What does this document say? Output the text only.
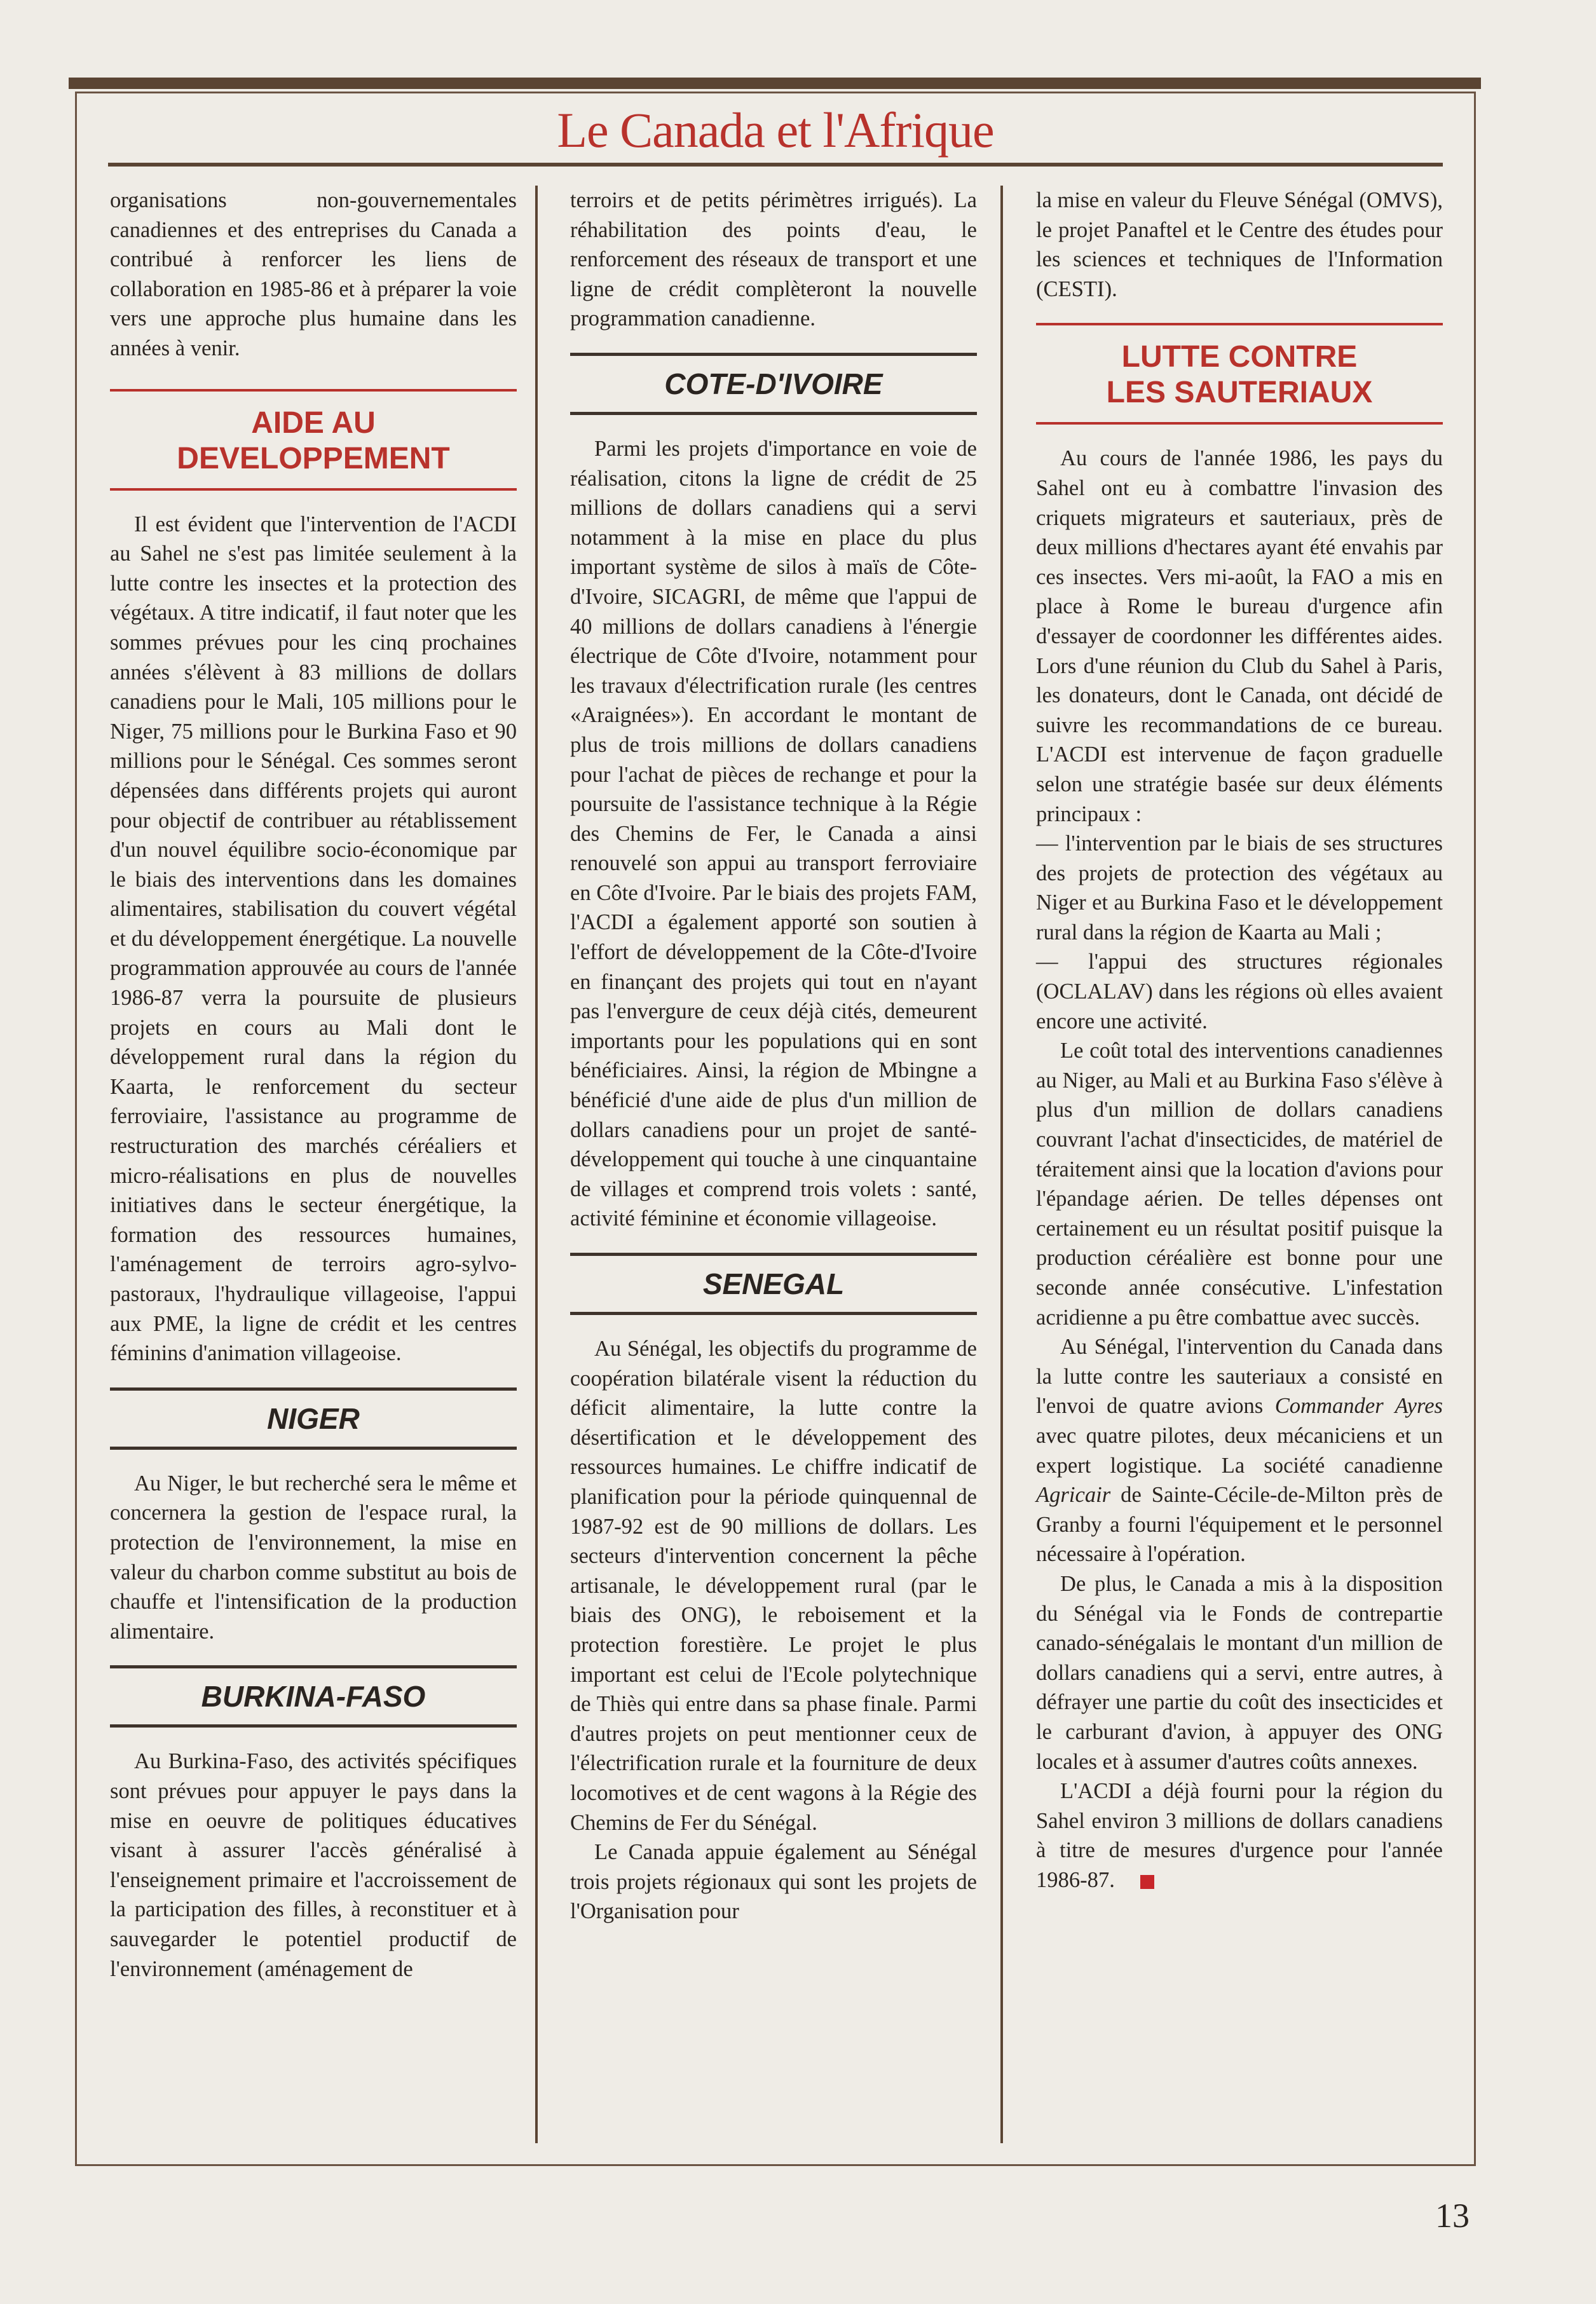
Le Canada et l'Afrique

organisations non-gouvernementales canadiennes et des entreprises du Canada a contribué à renforcer les liens de collaboration en 1985-86 et à préparer la voie vers une approche plus humaine dans les années à venir.

AIDE AU
DEVELOPPEMENT

Il est évident que l'intervention de l'ACDI au Sahel ne s'est pas limitée seulement à la lutte contre les insectes et la protection des végétaux. A titre indicatif, il faut noter que les sommes prévues pour les cinq prochaines années s'élèvent à 83 millions de dollars canadiens pour le Mali, 105 millions pour le Niger, 75 millions pour le Burkina Faso et 90 millions pour le Sénégal. Ces sommes seront dépensées dans différents projets qui auront pour objectif de contribuer au rétablissement d'un nouvel équilibre socio-économique par le biais des interventions dans les domaines alimentaires, stabilisation du couvert végétal et du développement énergétique. La nouvelle programmation approuvée au cours de l'année 1986-87 verra la poursuite de plusieurs projets en cours au Mali dont le développement rural dans la région du Kaarta, le renforcement du secteur ferroviaire, l'assistance au programme de restructuration des marchés céréaliers et micro-réalisations en plus de nouvelles initiatives dans le secteur énergétique, la formation des ressources humaines, l'aménagement de terroirs agro-sylvo-pastoraux, l'hydraulique villageoise, l'appui aux PME, la ligne de crédit et les centres féminins d'animation villageoise.

NIGER

Au Niger, le but recherché sera le même et concernera la gestion de l'espace rural, la protection de l'environnement, la mise en valeur du charbon comme substitut au bois de chauffe et l'intensification de la production alimentaire.

BURKINA-FASO

Au Burkina-Faso, des activités spécifiques sont prévues pour appuyer le pays dans la mise en oeuvre de politiques éducatives visant à assurer l'accès généralisé à l'enseignement primaire et l'accroissement de la participation des filles, à reconstituer et à sauvegarder le potentiel productif de l'environnement (aménagement de

terroirs et de petits périmètres irrigués). La réhabilitation des points d'eau, le renforcement des réseaux de transport et une ligne de crédit complèteront la nouvelle programmation canadienne.

COTE-D'IVOIRE

Parmi les projets d'importance en voie de réalisation, citons la ligne de crédit de 25 millions de dollars canadiens qui a servi notamment à la mise en place du plus important système de silos à maïs de Côte-d'Ivoire, SICAGRI, de même que l'appui de 40 millions de dollars canadiens à l'énergie électrique de Côte d'Ivoire, notamment pour les travaux d'électrification rurale (les centres «Araignées»). En accordant le montant de plus de trois millions de dollars canadiens pour l'achat de pièces de rechange et pour la poursuite de l'assistance technique à la Régie des Chemins de Fer, le Canada a ainsi renouvelé son appui au transport ferroviaire en Côte d'Ivoire. Par le biais des projets FAM, l'ACDI a également apporté son soutien à l'effort de développement de la Côte-d'Ivoire en finançant des projets qui tout en n'ayant pas l'envergure de ceux déjà cités, demeurent importants pour les populations qui en sont bénéficiaires. Ainsi, la région de Mbingne a bénéficié d'une aide de plus d'un million de dollars canadiens pour un projet de santé-développement qui touche à une cinquantaine de villages et comprend trois volets : santé, activité féminine et économie villageoise.

SENEGAL

Au Sénégal, les objectifs du programme de coopération bilatérale visent la réduction du déficit alimentaire, la lutte contre la désertification et le développement des ressources humaines. Le chiffre indicatif de planification pour la période quinquennal de 1987-92 est de 90 millions de dollars. Les secteurs d'intervention concernent la pêche artisanale, le développement rural (par le biais des ONG), le reboisement et la protection forestière. Le projet le plus important est celui de l'Ecole polytechnique de Thiès qui entre dans sa phase finale. Parmi d'autres projets on peut mentionner ceux de l'électrification rurale et la fourniture de deux locomotives et de cent wagons à la Régie des Chemins de Fer du Sénégal.

Le Canada appuie également au Sénégal trois projets régionaux qui sont les projets de l'Organisation pour

la mise en valeur du Fleuve Sénégal (OMVS), le projet Panaftel et le Centre des études pour les sciences et techniques de l'Information (CESTI).

LUTTE CONTRE
LES SAUTERIAUX

Au cours de l'année 1986, les pays du Sahel ont eu à combattre l'invasion des criquets migrateurs et sauteriaux, près de deux millions d'hectares ayant été envahis par ces insectes. Vers mi-août, la FAO a mis en place à Rome le bureau d'urgence afin d'essayer de coordonner les différentes aides. Lors d'une réunion du Club du Sahel à Paris, les donateurs, dont le Canada, ont décidé de suivre les recommandations de ce bureau. L'ACDI est intervenue de façon graduelle selon une stratégie basée sur deux éléments principaux :

— l'intervention par le biais de ses structures des projets de protection des végétaux au Niger et au Burkina Faso et le développement rural dans la région de Kaarta au Mali ;

— l'appui des structures régionales (OCLALAV) dans les régions où elles avaient encore une activité.

Le coût total des interventions canadiennes au Niger, au Mali et au Burkina Faso s'élève à plus d'un million de dollars canadiens couvrant l'achat d'insecticides, de matériel de téraitement ainsi que la location d'avions pour l'épandage aérien. De telles dépenses ont certainement eu un résultat positif puisque la production céréalière est bonne pour une seconde année consécutive. L'infestation acridienne a pu être combattue avec succès.

Au Sénégal, l'intervention du Canada dans la lutte contre les sauteriaux a consisté en l'envoi de quatre avions Commander Ayres avec quatre pilotes, deux mécaniciens et un expert logistique. La société canadienne Agricair de Sainte-Cécile-de-Milton près de Granby a fourni l'équipement et le personnel nécessaire à l'opération.

De plus, le Canada a mis à la disposition du Sénégal via le Fonds de contrepartie canado-sénégalais le montant d'un million de dollars canadiens qui a servi, entre autres, à défrayer une partie du coût des insecticides et le carburant d'avion, à appuyer des ONG locales et à assumer d'autres coûts annexes.

L'ACDI a déjà fourni pour la région du Sahel environ 3 millions de dollars canadiens à titre de mesures d'urgence pour l'année 1986-87.

13
